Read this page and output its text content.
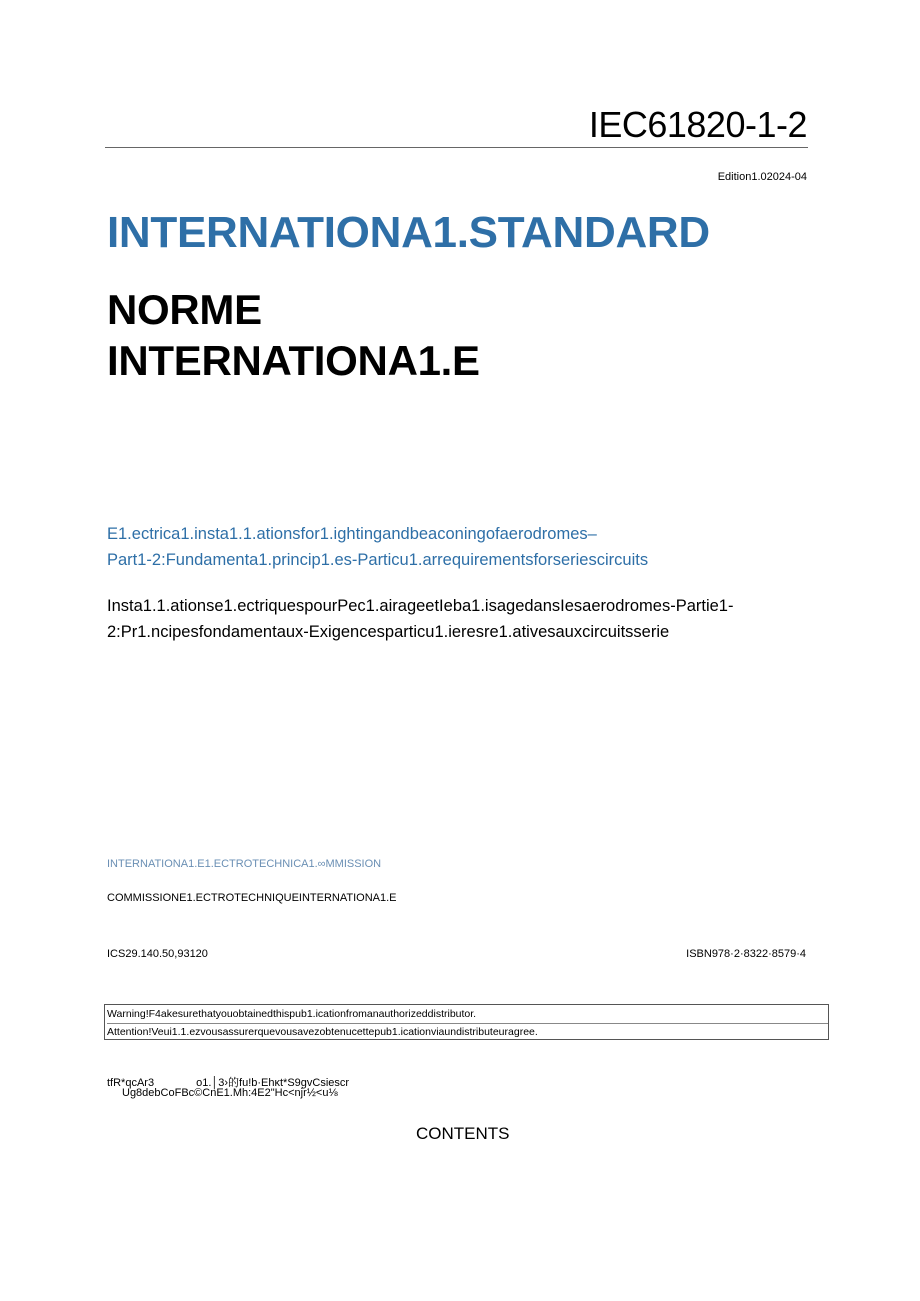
IEC61820-1-2
Edition1.02024-04
INTERNATIONA1.STANDARD
NORME
INTERNATIONA1.E
E1.ectrica1.insta1.1.ationsfor1.ightingandbeaconingofaerodromes–
Part1-2:Fundamenta1.princip1.es-Particu1.arrequirementsforseriescircuits
Insta1.1.ationse1.ectriquespourPec1.airageetIeba1.isagedansIesaerodromes-Partie1-
2:Pr1.ncipesfondamentaux-Exigencesparticu1.ieresre1.ativesauxcircuitsserie
INTERNATIONA1.E1.ECTROTECHNICA1.∞MMISSION
COMMISSIONE1.ECTROTECHNIQUEINTERNATIONA1.E
ICS29.140.50,93120	ISBN978·2·8322·8579·4
Warning!F4akesurethatyouobtainedthispub1.icationfromanauthorizeddistributor.
Attention!Veui1.1.ezvousassurerquevousavezobtenucettepub1.icationviaundistributeuragree.
tfR*qcAr3	o1.│3›的fu!b·Ehκt*S9gvCsiescr
Ug8debCoFBc©CnE1.Mh:4E2"Hc<njr½<u⅛
CONTENTS
